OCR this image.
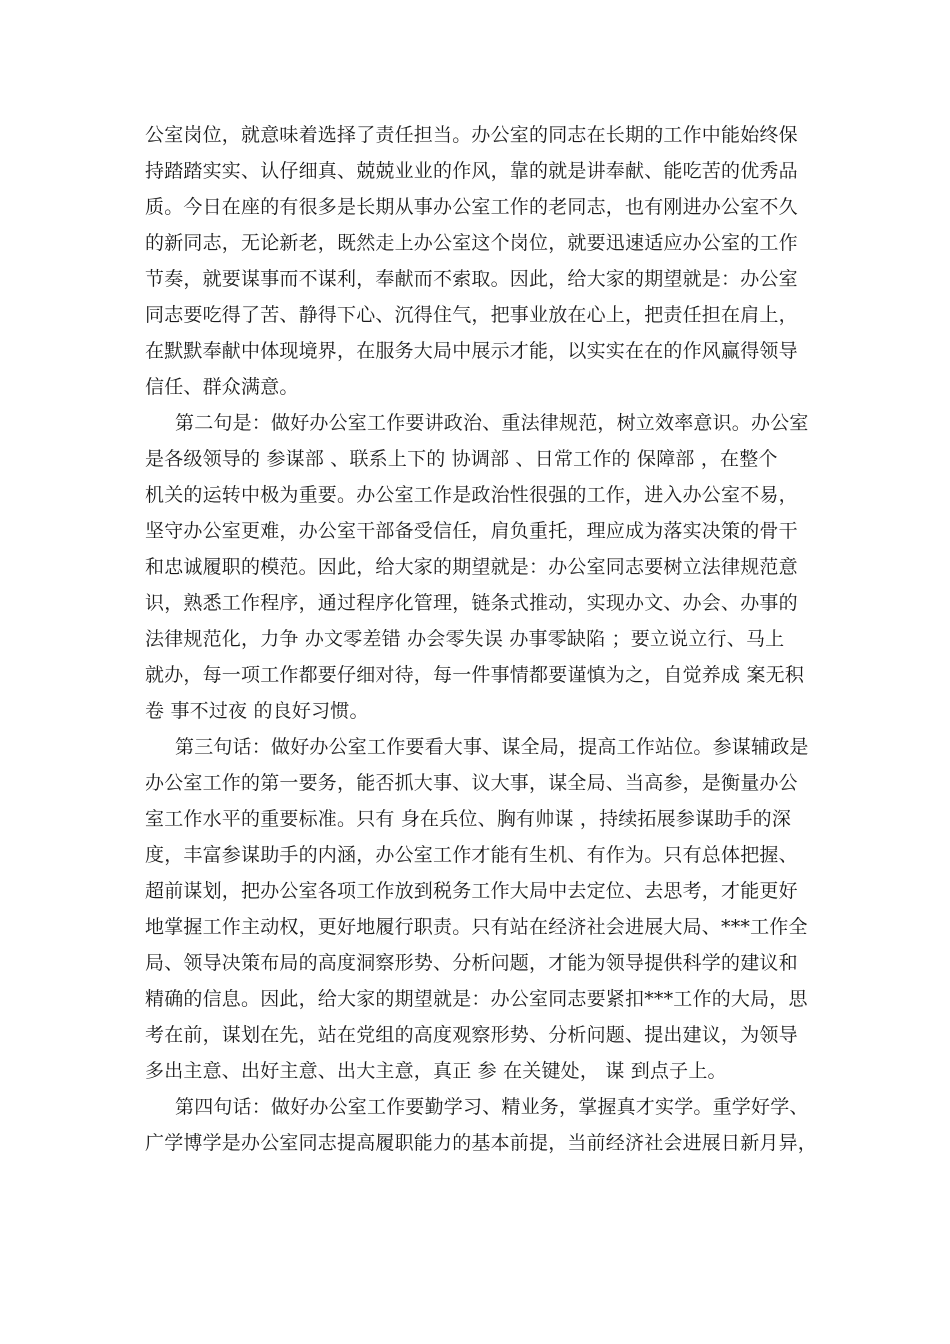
公室岗位，就意味着选择了责任担当。办公室的同志在长期的工作中能始终保
持踏踏实实、认仔细真、兢兢业业的作风，靠的就是讲奉献、能吃苦的优秀品
质。今日在座的有很多是长期从事办公室工作的老同志，也有刚进办公室不久
的新同志，无论新老，既然走上办公室这个岗位，就要迅速适应办公室的工作
节奏，就要谋事而不谋利，奉献而不索取。因此，给大家的期望就是：办公室
同志要吃得了苦、静得下心、沉得住气，把事业放在心上，把责任担在肩上，
在默默奉献中体现境界，在服务大局中展示才能，以实实在在的作风赢得领导
信任、群众满意。
第二句是：做好办公室工作要讲政治、重法律规范，树立效率意识。办公室
是各级领导的 参谋部 、联系上下的 协调部 、日常工作的 保障部 ，在整个
机关的运转中极为重要。办公室工作是政治性很强的工作，进入办公室不易，
坚守办公室更难，办公室干部备受信任，肩负重托，理应成为落实决策的骨干
和忠诚履职的模范。因此，给大家的期望就是：办公室同志要树立法律规范意
识，熟悉工作程序，通过程序化管理，链条式推动，实现办文、办会、办事的
法律规范化，力争 办文零差错 办会零失误 办事零缺陷 ；要立说立行、马上
就办，每一项工作都要仔细对待，每一件事情都要谨慎为之，自觉养成 案无积
卷 事不过夜 的良好习惯。
第三句话：做好办公室工作要看大事、谋全局，提高工作站位。参谋辅政是
办公室工作的第一要务，能否抓大事、议大事，谋全局、当高参，是衡量办公
室工作水平的重要标准。只有 身在兵位、胸有帅谋 ，持续拓展参谋助手的深
度，丰富参谋助手的内涵，办公室工作才能有生机、有作为。只有总体把握、
超前谋划，把办公室各项工作放到税务工作大局中去定位、去思考，才能更好
地掌握工作主动权，更好地履行职责。只有站在经济社会进展大局、***工作全
局、领导决策布局的高度洞察形势、分析问题，才能为领导提供科学的建议和
精确的信息。因此，给大家的期望就是：办公室同志要紧扣***工作的大局，思
考在前，谋划在先，站在党组的高度观察形势、分析问题、提出建议，为领导
多出主意、出好主意、出大主意，真正 参 在关键处， 谋 到点子上。
第四句话：做好办公室工作要勤学习、精业务，掌握真才实学。重学好学、
广学博学是办公室同志提高履职能力的基本前提，当前经济社会进展日新月异，
